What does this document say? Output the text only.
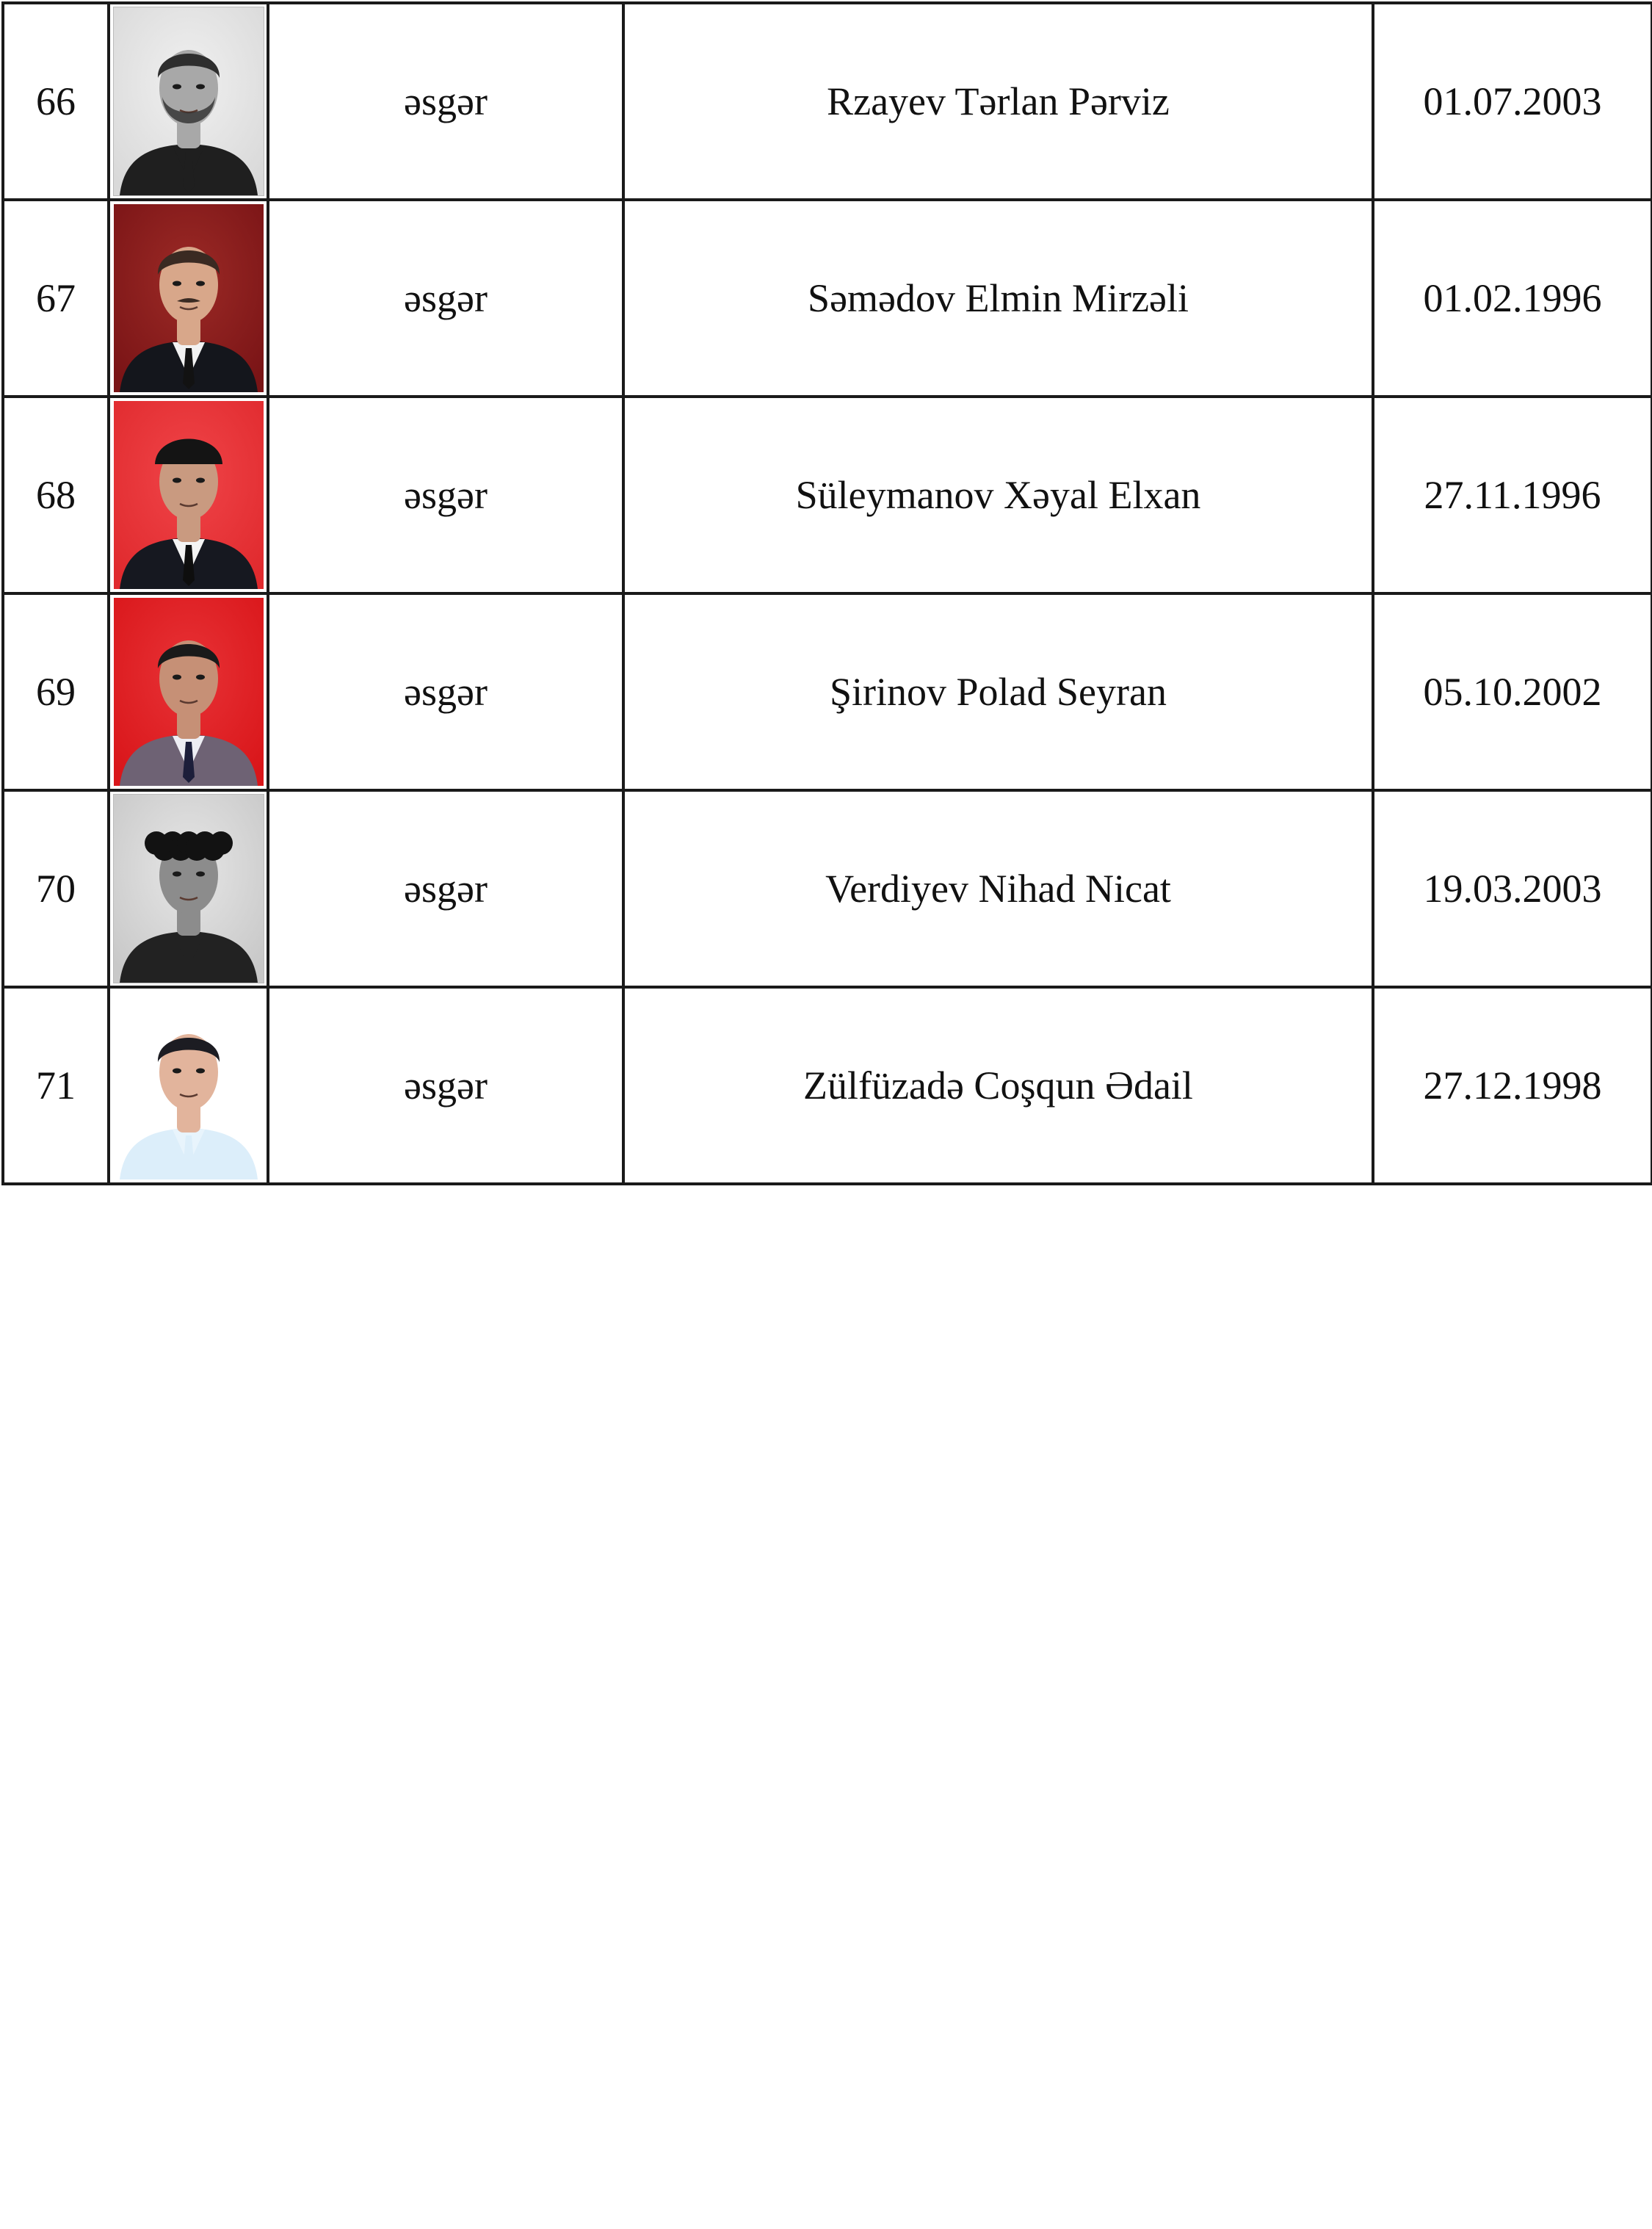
66		əsgər	Rzayev Tərlan Pərviz	01.07.2003
67		əsgər	Səmədov Elmin Mirzəli	01.02.1996
68		əsgər	Süleymanov Xəyal Elxan	27.11.1996
69		əsgər	Şirinov Polad Seyran	05.10.2002
70		əsgər	Verdiyev Nihad Nicat	19.03.2003
71		əsgər	Zülfüzadə Coşqun Ədail	27.12.1998
